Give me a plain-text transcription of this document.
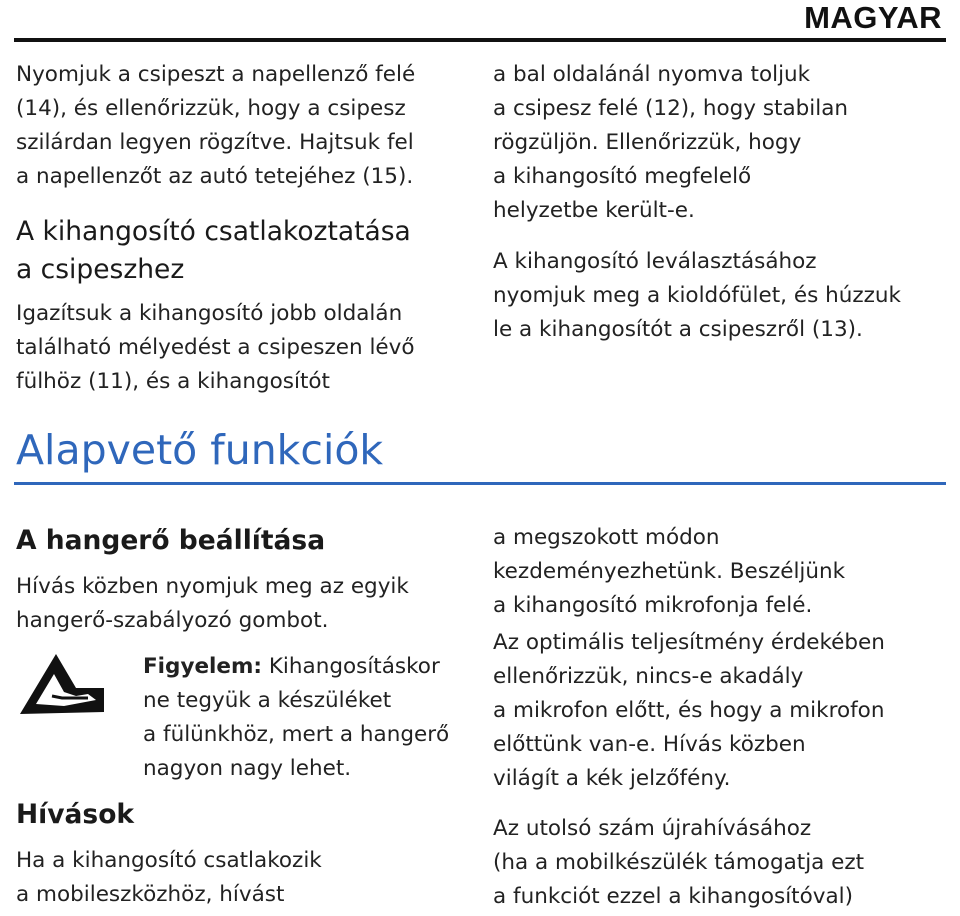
MAGYAR
Nyomjuk a csipeszt a napellenző felé
(14), és ellenőrizzük, hogy a csipesz
szilárdan legyen rögzítve. Hajtsuk fel
a napellenzőt az autó tetejéhez (15).
A kihangosító csatlakoztatása
a csipeszhez
Igazítsuk a kihangosító jobb oldalán
található mélyedést a csipeszen lévő
fülhöz (11), és a kihangosítót
a bal oldalánál nyomva toljuk
a csipesz felé (12), hogy stabilan
rögzüljön. Ellenőrizzük, hogy
a kihangosító megfelelő
helyzetbe került-e.
A kihangosító leválasztásához
nyomjuk meg a kioldófület, és húzzuk
le a kihangosítót a csipeszről (13).
Alapvető funkciók
A hangerő beállítása
Hívás közben nyomjuk meg az egyik
hangerő-szabályozó gombot.
Figyelem: Kihangosításkor
ne tegyük a készüléket
a fülünkhöz, mert a hangerő
nagyon nagy lehet.
Hívások
Ha a kihangosító csatlakozik
a mobileszközhöz, hívást
a megszokott módon
kezdeményezhetünk. Beszéljünk
a kihangosító mikrofonja felé.
Az optimális teljesítmény érdekében
ellenőrizzük, nincs-e akadály
a mikrofon előtt, és hogy a mikrofon
előttünk van-e. Hívás közben
világít a kék jelzőfény.
Az utolsó szám újrahívásához
(ha a mobilkészülék támogatja ezt
a funkciót ezzel a kihangosítóval)
